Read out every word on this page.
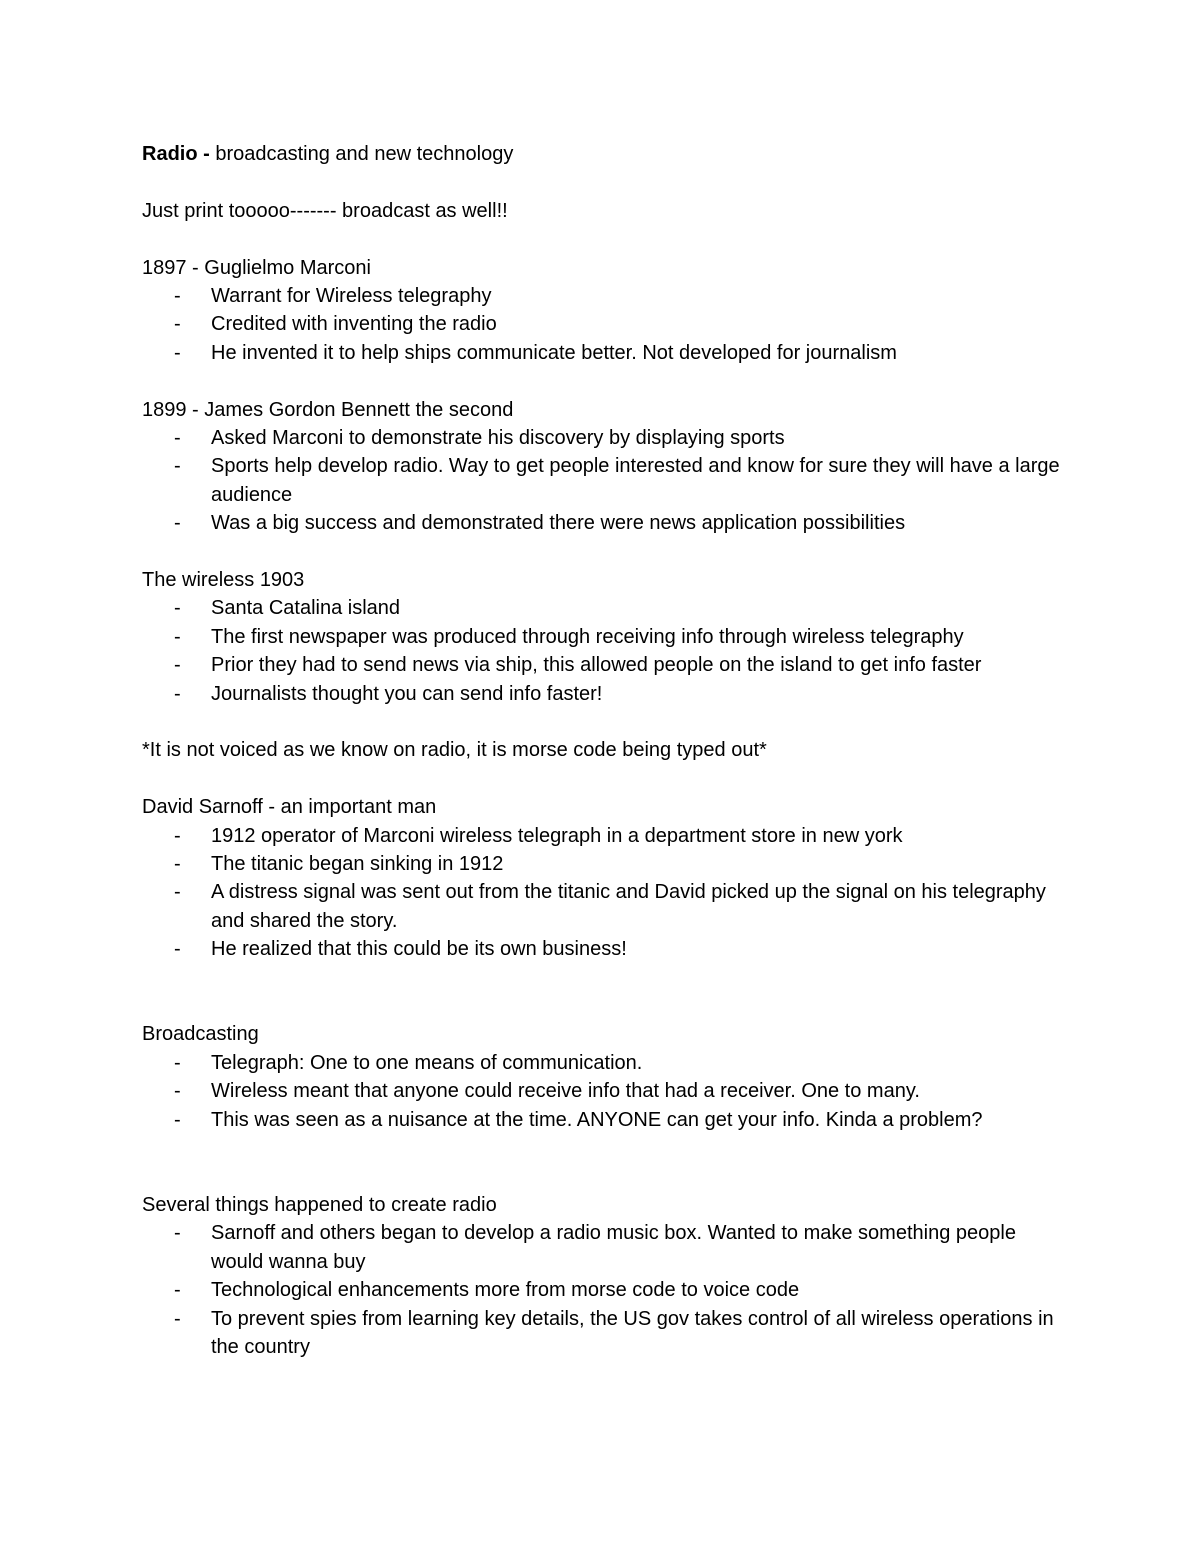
Radio - broadcasting and new technology

Just print tooooo------- broadcast as well!!

1897 - Guglielmo Marconi

- Warrant for Wireless telegraphy
- Credited with inventing the radio
- He invented it to help ships communicate better. Not developed for journalism

1899 - James Gordon Bennett the second

- Asked Marconi to demonstrate his discovery by displaying sports
- Sports help develop radio. Way to get people interested and know for sure they will have a large audience
- Was a big success and demonstrated there were news application possibilities

The wireless 1903

- Santa Catalina island
- The first newspaper was produced through receiving info through wireless telegraphy
- Prior they had to send news via ship, this allowed people on the island to get info faster
- Journalists thought you can send info faster!

*It is not voiced as we know on radio, it is morse code being typed out*

David Sarnoff - an important man

- 1912 operator of Marconi wireless telegraph in a department store in new york
- The titanic began sinking in 1912
- A distress signal was sent out from the titanic and David picked up the signal on his telegraphy and shared the story.
- He realized that this could be its own business!

Broadcasting

- Telegraph: One to one means of communication.
- Wireless meant that anyone could receive info that had a receiver. One to many.
- This was seen as a nuisance at the time. ANYONE can get your info. Kinda a problem?

Several things happened to create radio

- Sarnoff and others began to develop a radio music box. Wanted to make something people would wanna buy
- Technological enhancements more from morse code to voice code
- To prevent spies from learning key details, the US gov takes control of all wireless operations in the country
